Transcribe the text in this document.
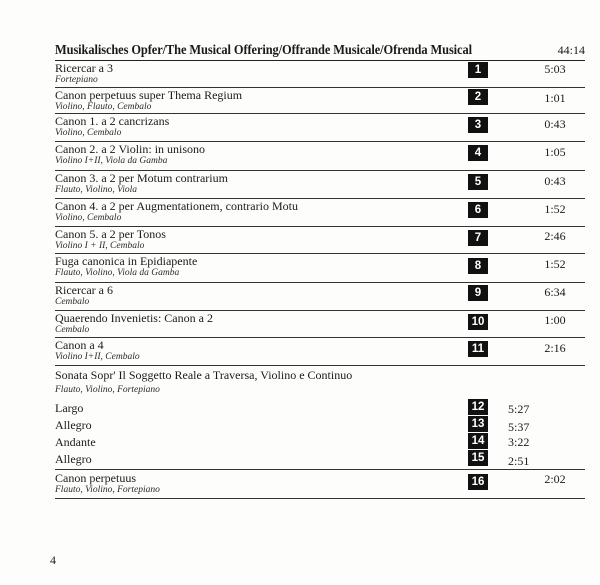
Musikalisches Opfer/The Musical Offering/Offrande Musicale/Ofrenda Musical	44:14
Ricercar a 3
Fortepiano
1	5:03
Canon perpetuus super Thema Regium
Violino, Flauto, Cembalo
2	1:01
Canon 1. a 2 cancrizans
Violino, Cembalo
3	0:43
Canon 2. a 2 Violin: in unisono
Violino I+II, Viola da Gamba
4	1:05
Canon 3. a 2 per Motum contrarium
Flauto, Violino, Viola
5	0:43
Canon 4. a 2 per Augmentationem, contrario Motu
Violino, Cembalo
6	1:52
Canon 5. a 2 per Tonos
Violino I + II, Cembalo
7	2:46
Fuga canonica in Epidiapente
Flauto, Violino, Viola da Gamba
8	1:52
Ricercar a 6
Cembalo
9	6:34
Quaerendo Invenietis: Canon a 2
Cembalo
10	1:00
Canon a 4
Violino I+II, Cembalo
11	2:16
Sonata Sopr' Il Soggetto Reale a Traversa, Violino e Continuo
Flauto, Violino, Fortepiano
Largo	12	5:27
Allegro	13	5:37
Andante	14	3:22
Allegro	15	2:51
Canon perpetuus
Flauto, Violino, Fortepiano
16	2:02
4
